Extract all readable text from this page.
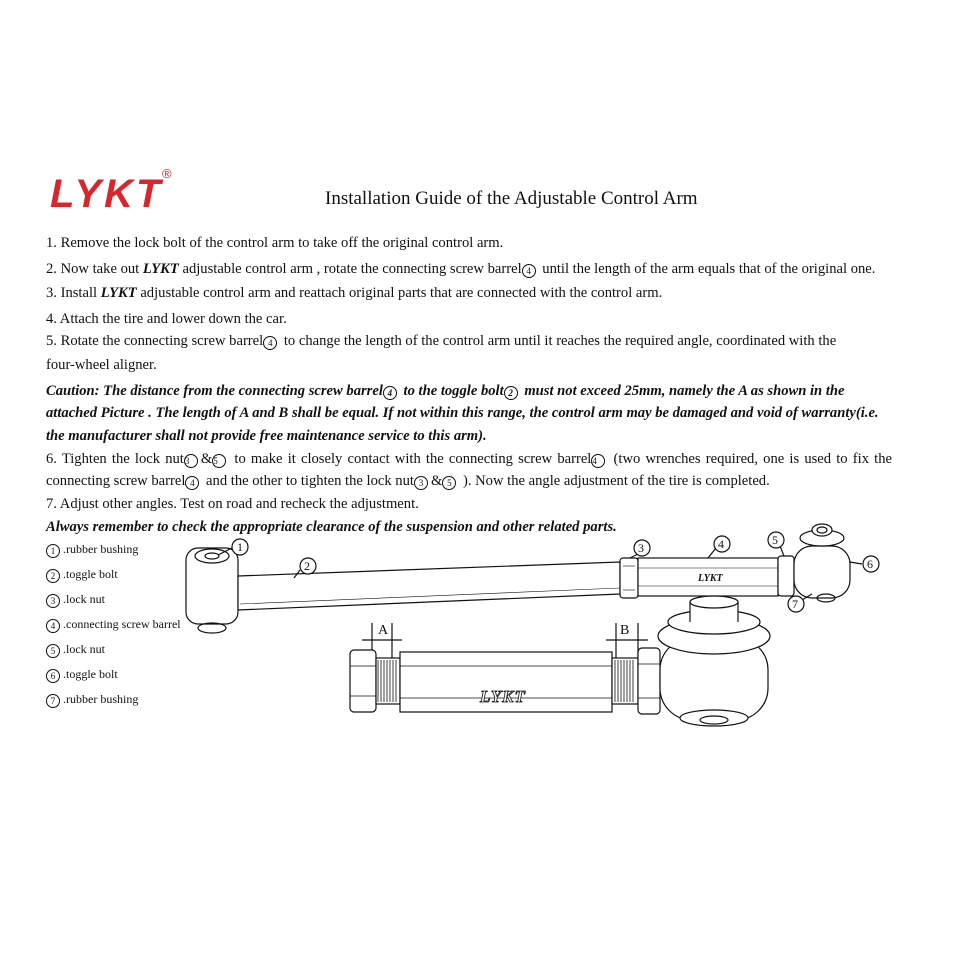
LYKT
®
Installation Guide of the Adjustable Control Arm
1. Remove the lock bolt of the control arm to take off the original control arm.
2. Now take out LYKT adjustable control arm , rotate the connecting screw barrel 4 until the length of the arm equals that of the original one.
3. Install LYKT adjustable control arm and reattach original parts that are connected with the control arm.
4. Attach the tire and lower down the car.
5. Rotate the connecting screw barrel 4 to change the length of the control arm until it reaches the required angle, coordinated with the
four-wheel aligner.
Caution: The distance from the connecting screw barrel 4 to the toggle bolt 2 must not exceed 25mm, namely the A as shown in the
attached Picture . The length of A and B shall be equal. If not within this range, the control arm may be damaged and void of warranty(i.e.
the manufacturer shall not provide free maintenance service to this arm).
6. Tighten the lock nut3 &5 to make it closely contact with the connecting screw barrel4 (two wrenches required, one is used to fix the
connecting screw barrel 4 and the other to tighten the lock nut 3 & 5 ). Now the angle adjustment of the tire is completed.
7. Adjust other angles. Test on road and recheck the adjustment.
Always remember to check the appropriate clearance of the suspension and other related parts.
1 .rubber bushing
2 .toggle bolt
3 .lock nut
4 .connecting screw barrel
5 .lock nut
6 .toggle bolt
7 .rubber bushing
LYKT
1
2
3	4	5
6
7
A	B
LYKT
